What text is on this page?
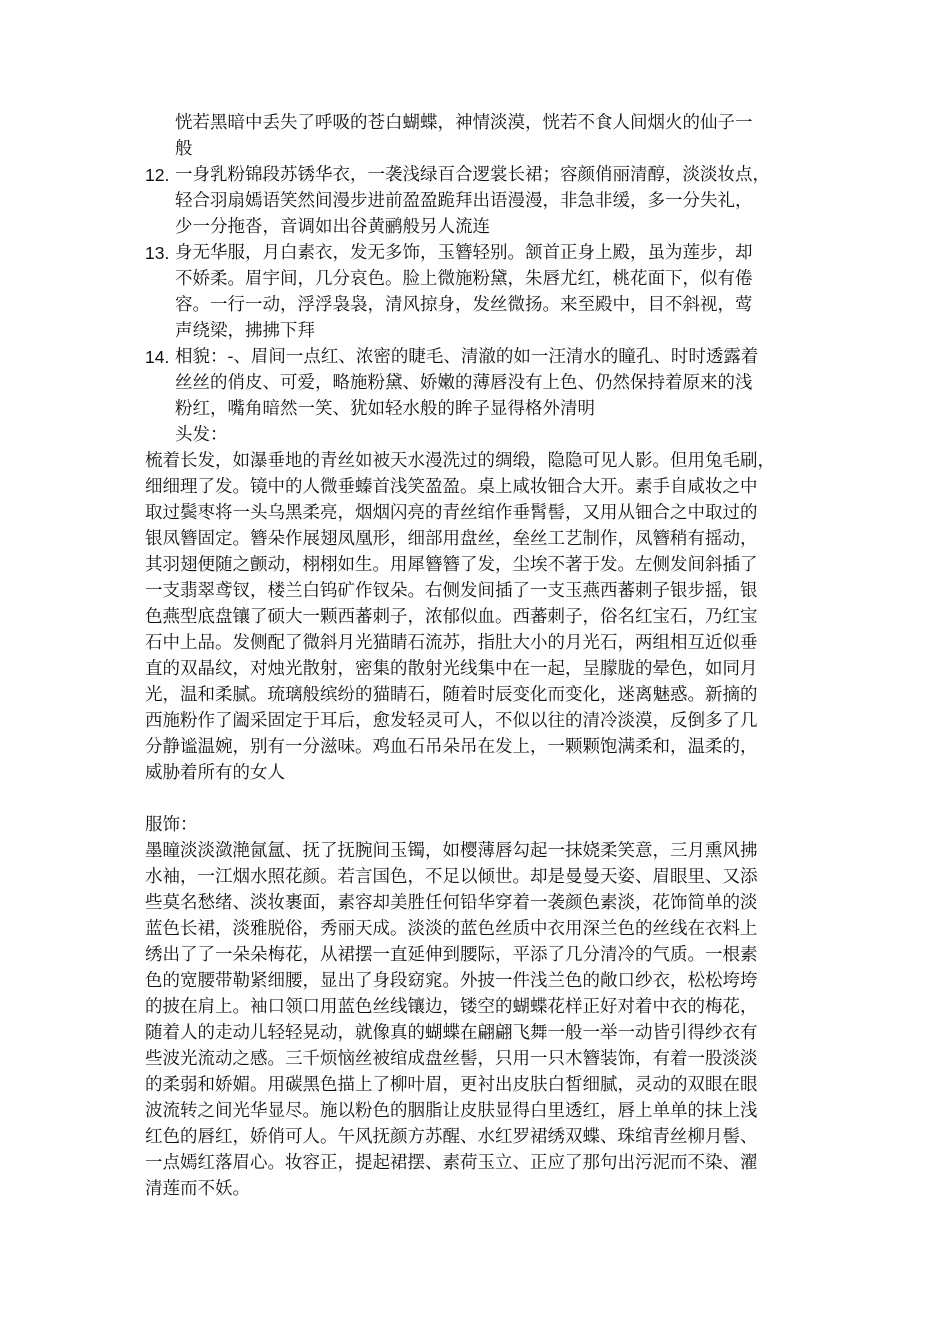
恍若黑暗中丢失了呼吸的苍白蝴蝶，神情淡漠，恍若不食人间烟火的仙子一
般
12. 一身乳粉锦段苏锈华衣，一袭浅绿百合逻裳长裙；容颜俏丽清醇，淡淡妆点，
轻合羽扇嫣语笑然间漫步进前盈盈跪拜出语漫漫，非急非缓，多一分失礼，
少一分拖沓，音调如出谷黄鹂般另人流连
13. 身无华服，月白素衣，发无多饰，玉簪轻别。颔首正身上殿，虽为莲步，却
不娇柔。眉宇间，几分哀色。脸上微施粉黛，朱唇尤红，桃花面下，似有倦
容。一行一动，浮浮袅袅，清风掠身，发丝微扬。来至殿中，目不斜视，莺
声绕梁，拂拂下拜
14. 相貌：-、眉间一点红、浓密的睫毛、清澈的如一汪清水的瞳孔、时时透露着
丝丝的俏皮、可爱，略施粉黛、娇嫩的薄唇没有上色、仍然保持着原来的浅
粉红，嘴角暗然一笑、犹如轻水般的眸子显得格外清明
头发：
梳着长发，如瀑垂地的青丝如被天水漫洗过的绸缎，隐隐可见人影。但用兔毛刷，
细细理了发。镜中的人微垂螓首浅笑盈盈。桌上咸妆钿合大开。素手自咸妆之中
取过鬓枣将一头乌黑柔亮，烟烟闪亮的青丝绾作垂髾髻，又用从钿合之中取过的
银凤簪固定。簪朵作展翅凤凰形，细部用盘丝，垒丝工艺制作，凤簪稍有摇动，
其羽翅便随之颤动，栩栩如生。用犀簪簪了发，尘埃不著于发。左侧发间斜插了
一支翡翠鸢钗，楼兰白钨矿作钗朵。右侧发间插了一支玉燕西蕃刺子银步摇，银
色燕型底盘镶了硕大一颗西蕃刺子，浓郁似血。西蕃刺子，俗名红宝石，乃红宝
石中上品。发侧配了微斜月光猫睛石流苏，指肚大小的月光石，两组相互近似垂
直的双晶纹，对烛光散射，密集的散射光线集中在一起，呈朦胧的晕色，如同月
光，温和柔腻。琉璃般缤纷的猫睛石，随着时辰变化而变化，迷离魅惑。新摘的
西施粉作了阖采固定于耳后，愈发轻灵可人，不似以往的清冷淡漠，反倒多了几
分静谧温婉，别有一分滋味。鸡血石吊朵吊在发上，一颗颗饱满柔和，温柔的，
威胁着所有的女人
服饰：
墨瞳淡淡潋滟氤氲、抚了抚腕间玉镯，如樱薄唇勾起一抹娆柔笑意，三月熏风拂
水袖，一江烟水照花颜。若言国色，不足以倾世。却是曼曼天姿、眉眼里、又添
些莫名愁绪、淡妆裹面，素容却美胜任何铅华穿着一袭颜色素淡，花饰简单的淡
蓝色长裙，淡雅脱俗，秀丽天成。淡淡的蓝色丝质中衣用深兰色的丝线在衣料上
绣出了了一朵朵梅花，从裙摆一直延伸到腰际，平添了几分清冷的气质。一根素
色的宽腰带勒紧细腰，显出了身段窈窕。外披一件浅兰色的敞口纱衣，松松垮垮
的披在肩上。袖口领口用蓝色丝线镶边，镂空的蝴蝶花样正好对着中衣的梅花，
随着人的走动儿轻轻晃动，就像真的蝴蝶在翩翩飞舞一般一举一动皆引得纱衣有
些波光流动之感。三千烦恼丝被绾成盘丝髻，只用一只木簪装饰，有着一股淡淡
的柔弱和娇媚。用碳黑色描上了柳叶眉，更衬出皮肤白皙细腻，灵动的双眼在眼
波流转之间光华显尽。施以粉色的胭脂让皮肤显得白里透红，唇上单单的抹上浅
红色的唇红，娇俏可人。午风抚颜方苏醒、水红罗裙绣双蝶、珠绾青丝柳月髻、
一点嫣红落眉心。妆容正，提起裙摆、素荷玉立、正应了那句出污泥而不染、濯
清莲而不妖。
